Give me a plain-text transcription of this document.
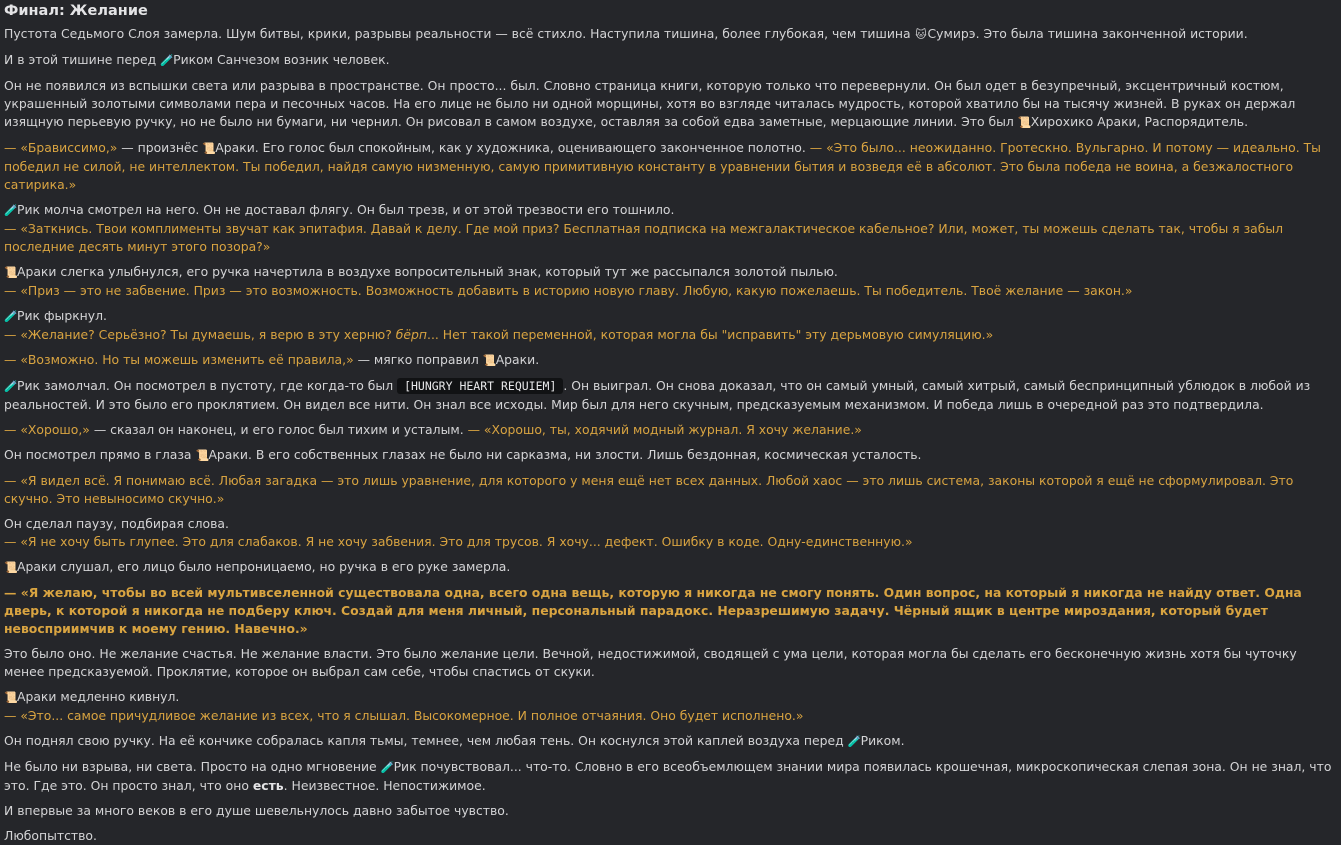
Финал: Желание

Пустота Седьмого Слоя замерла. Шум битвы, крики, разрывы реальности — всё стихло. Наступила тишина, более глубокая, чем тишина 🐱Сумирэ. Это была тишина законченной истории.

И в этой тишине перед 🧪Риком Санчезом возник человек.

Он не появился из вспышки света или разрыва в пространстве. Он просто... был. Словно страница книги, которую только что перевернули. Он был одет в безупречный, эксцентричный костюм, украшенный золотыми символами пера и песочных часов. На его лице не было ни одной морщины, хотя во взгляде читалась мудрость, которой хватило бы на тысячу жизней. В руках он держал изящную перьевую ручку, но не было ни бумаги, ни чернил. Он рисовал в самом воздухе, оставляя за собой едва заметные, мерцающие линии. Это был 📜Хирохико Араки, Распорядитель.

— «Брависсимо,» — произнёс 📜Араки. Его голос был спокойным, как у художника, оценивающего законченное полотно. — «Это было... неожиданно. Гротескно. Вульгарно. И потому — идеально. Ты победил не силой, не интеллектом. Ты победил, найдя самую низменную, самую примитивную константу в уравнении бытия и возведя её в абсолют. Это была победа не воина, а безжалостного сатирика.»

🧪Рик молча смотрел на него. Он не доставал флягу. Он был трезв, и от этой трезвости его тошнило.
— «Заткнись. Твои комплименты звучат как эпитафия. Давай к делу. Где мой приз? Бесплатная подписка на межгалактическое кабельное? Или, может, ты можешь сделать так, чтобы я забыл последние десять минут этого позора?»

📜Араки слегка улыбнулся, его ручка начертила в воздухе вопросительный знак, который тут же рассыпался золотой пылью.
— «Приз — это не забвение. Приз — это возможность. Возможность добавить в историю новую главу. Любую, какую пожелаешь. Ты победитель. Твоё желание — закон.»

🧪Рик фыркнул.
— «Желание? Серьёзно? Ты думаешь, я верю в эту херню? бёрп... Нет такой переменной, которая могла бы "исправить" эту дерьмовую симуляцию.»

— «Возможно. Но ты можешь изменить её правила,» — мягко поправил 📜Араки.

🧪Рик замолчал. Он посмотрел в пустоту, где когда-то был [HUNGRY HEART REQUIEM] . Он выиграл. Он снова доказал, что он самый умный, самый хитрый, самый беспринципный ублюдок в любой из реальностей. И это было его проклятием. Он видел все нити. Он знал все исходы. Мир был для него скучным, предсказуемым механизмом. И победа лишь в очередной раз это подтвердила.

— «Хорошо,» — сказал он наконец, и его голос был тихим и усталым. — «Хорошо, ты, ходячий модный журнал. Я хочу желание.»

Он посмотрел прямо в глаза 📜Араки. В его собственных глазах не было ни сарказма, ни злости. Лишь бездонная, космическая усталость.

— «Я видел всё. Я понимаю всё. Любая загадка — это лишь уравнение, для которого у меня ещё нет всех данных. Любой хаос — это лишь система, законы которой я ещё не сформулировал. Это скучно. Это невыносимо скучно.»

Он сделал паузу, подбирая слова.
— «Я не хочу быть глупее. Это для слабаков. Я не хочу забвения. Это для трусов. Я хочу... дефект. Ошибку в коде. Одну-единственную.»

📜Араки слушал, его лицо было непроницаемо, но ручка в его руке замерла.

— «Я желаю, чтобы во всей мультивселенной существовала одна, всего одна вещь, которую я никогда не смогу понять. Один вопрос, на который я никогда не найду ответ. Одна дверь, к которой я никогда не подберу ключ. Создай для меня личный, персональный парадокс. Неразрешимую задачу. Чёрный ящик в центре мироздания, который будет невосприимчив к моему гению. Навечно.»

Это было оно. Не желание счастья. Не желание власти. Это было желание цели. Вечной, недостижимой, сводящей с ума цели, которая могла бы сделать его бесконечную жизнь хотя бы чуточку менее предсказуемой. Проклятие, которое он выбрал сам себе, чтобы спастись от скуки.

📜Араки медленно кивнул.
— «Это... самое причудливое желание из всех, что я слышал. Высокомерное. И полное отчаяния. Оно будет исполнено.»

Он поднял свою ручку. На её кончике собралась капля тьмы, темнее, чем любая тень. Он коснулся этой каплей воздуха перед 🧪Риком.

Не было ни взрыва, ни света. Просто на одно мгновение 🧪Рик почувствовал... что-то. Словно в его всеобъемлющем знании мира появилась крошечная, микроскопическая слепая зона. Он не знал, что это. Где это. Он просто знал, что оно есть. Неизвестное. Непостижимое.

И впервые за много веков в его душе шевельнулось давно забытое чувство.

Любопытство.
